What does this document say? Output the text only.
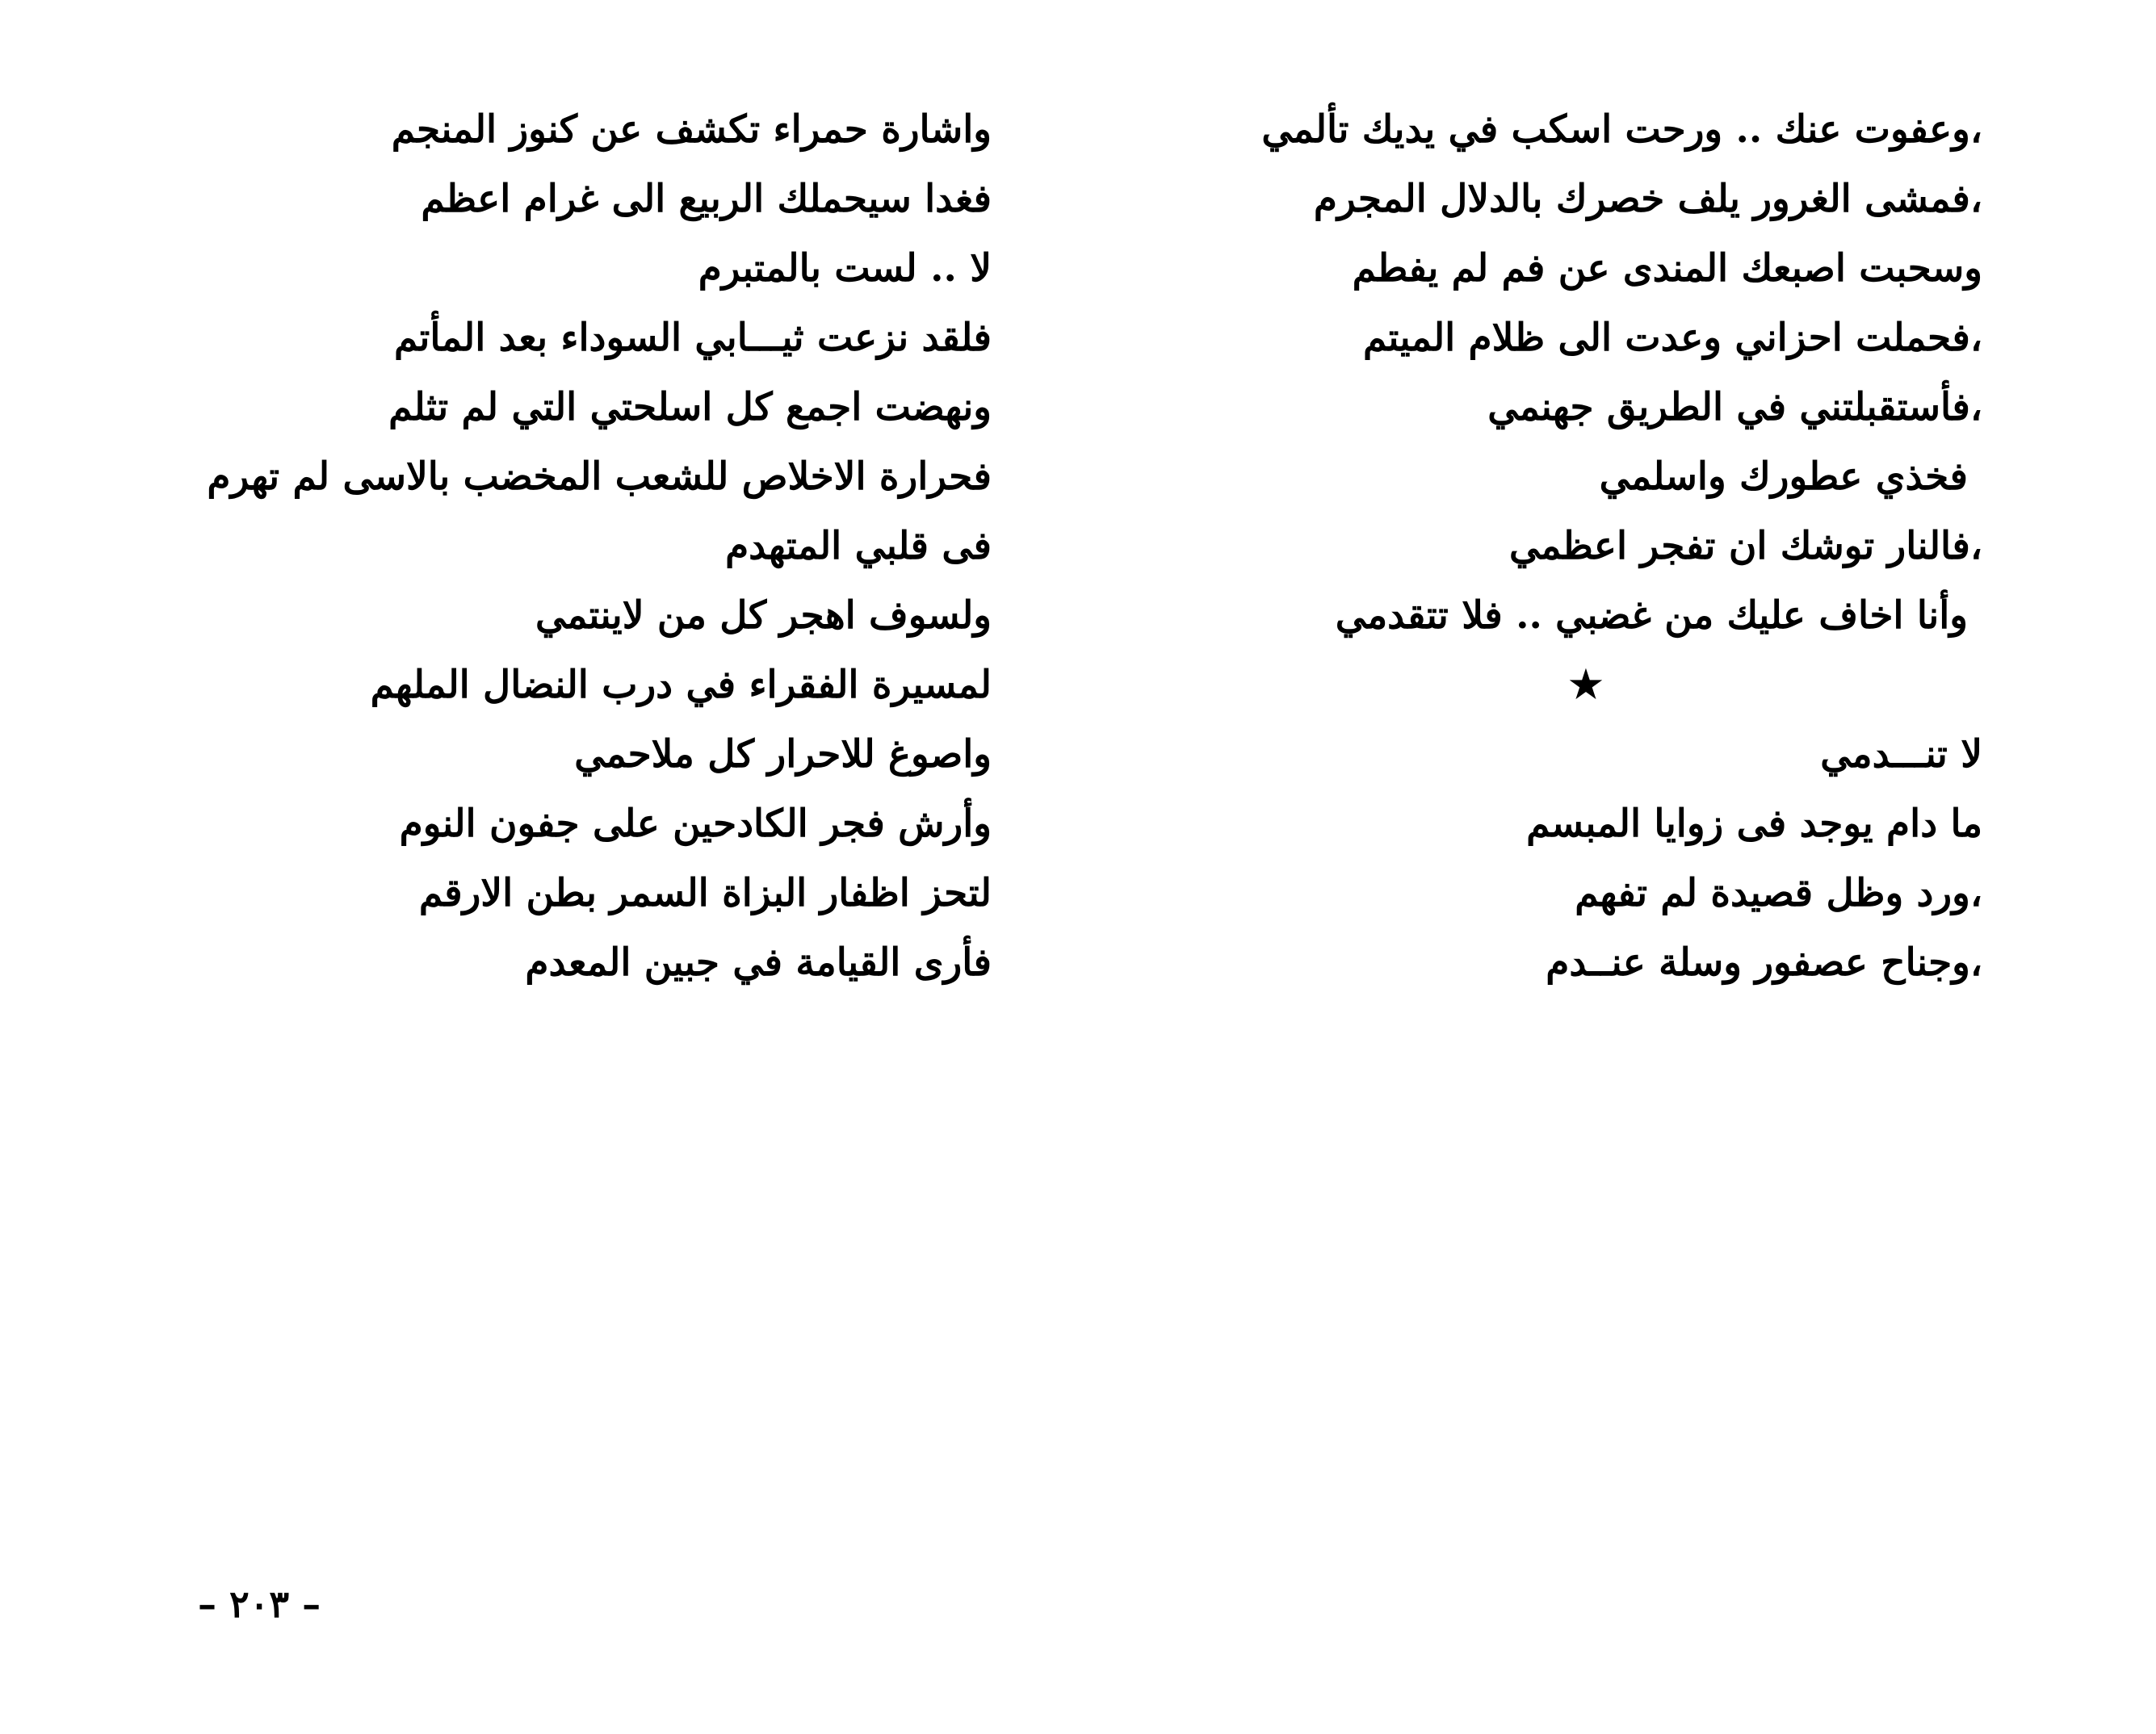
،وعفوت عنك .. ورحت اسكب في يديك تألمي
،فمشى الغرور يلف خصرك بالدلال المجرم
وسحبت اصبعك المندى عن فم لم يفطم
،فحملت احزاني وعدت الى ظلام الميتم
،فأستقبلتني في الطريق جهنمي
فخذي عطورك واسلمي
،فالنار توشك ان تفجر اعظمي
وأنا اخاف عليك من غضبي .. فلا تتقدمي
★
لا تنـــدمي
ما دام يوجد فى زوايا المبسم
،ورد وظل قصيدة لم تفهم
،وجناح عصفور وسلة عنــدم
واشارة حمراء تكشف عن كنوز المنجم
فغدا سيحملك الربيع الى غرام اعظم
لا .. لست بالمتبرم
فلقد نزعت ثيـــابي السوداء بعد المأتم
ونهضت اجمع كل اسلحتي التي لم تثلم
فحرارة الاخلاص للشعب المخضب بالاسى لم تهرم
فى قلبي المتهدم
ولسوف اهجر كل من لاينتمي
لمسيرة الفقراء في درب النضال الملهم
واصوغ للاحرار كل ملاحمي
وأرش فجر الكادحين على جفون النوم
لتحز اظفار البزاة السمر بطن الارقم
فأرى القيامة في جبين المعدم
– ٢٠٣ –
